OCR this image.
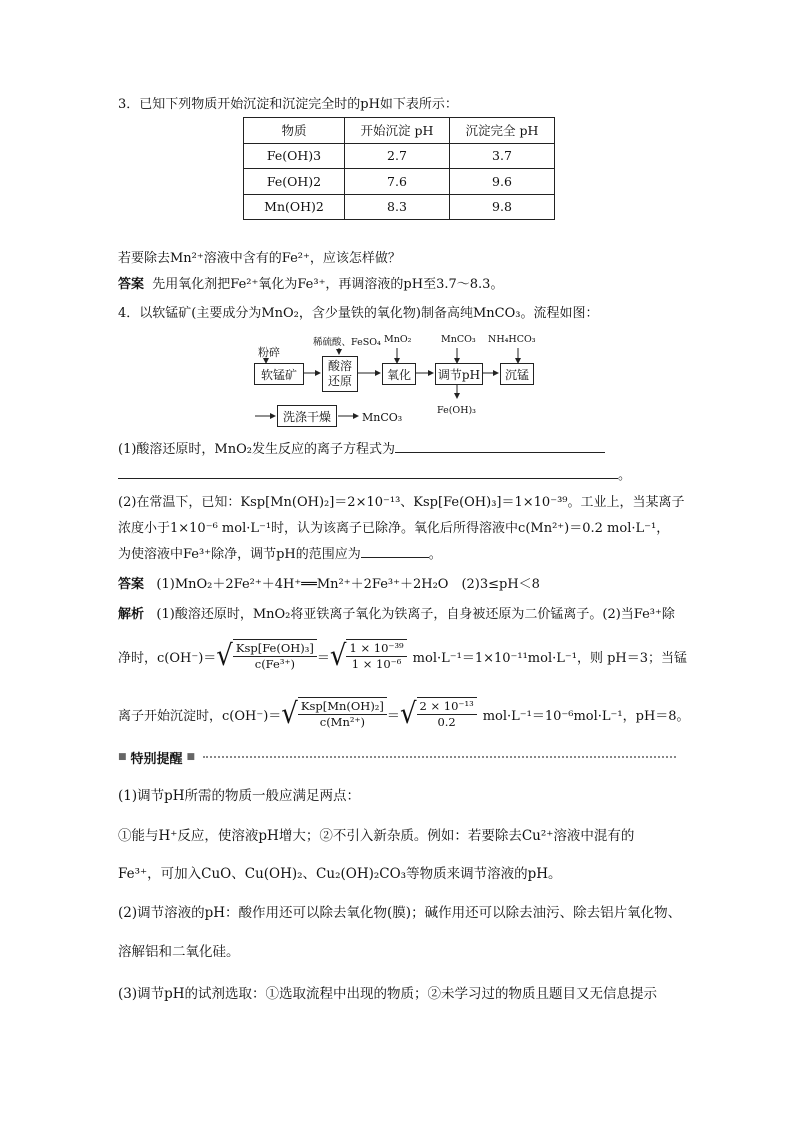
3．已知下列物质开始沉淀和沉淀完全时的pH如下表所示：
物质	开始沉淀 pH	沉淀完全 pH
Fe(OH)3	2.7	3.7
Fe(OH)2	7.6	9.6
Mn(OH)2	8.3	9.8
若要除去Mn²⁺溶液中含有的Fe²⁺，应该怎样做？
答案 先用氧化剂把Fe²⁺氧化为Fe³⁺，再调溶液的pH至3.7～8.3。
4．以软锰矿(主要成分为MnO₂，含少量铁的氧化物)制备高纯MnCO₃。流程如图：
软锰矿
酸溶
还原	氧化	调节pH	沉锰
洗涤干燥
粉碎
稀硫酸、FeSO₄ MnO₂	MnCO₃ NH₄HCO₃
Fe(OH)₃
MnCO₃
(1)酸溶还原时，MnO₂发生反应的离子方程式为
。
(2)在常温下，已知：Ksp[Mn(OH)₂]＝2×10⁻¹³、Ksp[Fe(OH)₃]＝1×10⁻³⁹。工业上，当某离子
浓度小于1×10⁻⁶ mol·L⁻¹时，认为该离子已除净。氧化后所得溶液中c(Mn²⁺)＝0.2 mol·L⁻¹，
为使溶液中Fe³⁺除净，调节pH的范围应为	。
答案 (1)MnO₂＋2Fe²⁺＋4H⁺══Mn²⁺＋2Fe³⁺＋2H₂O　(2)3≤pH＜8
解析 (1)酸溶还原时，MnO₂将亚铁离子氧化为铁离子，自身被还原为二价锰离子。(2)当Fe³⁺除
净时，c(OH⁻)＝ √ $\frac{\text{Ksp[Fe(OH)₃]}}{\text{c(Fe³⁺)}}$ ＝ √ $\frac{\text{1 × 10⁻³⁹}}{\text{1 × 10⁻⁶}} mol\cdot L^{-1}=1\times 10^{-11}mol\cdot L^{-1}$，则 pH＝3；当锰
离子开始沉淀时，c(OH⁻)＝ √ $\frac{\text{Ksp[Mn(OH)₂]}}{\text{c(Mn²⁺)}}$ ＝ √ $\frac{\text{2 × 10⁻¹³}}{0.2} mol\cdot L^{-1}=10^{-6}mol\cdot L^{-1}$，pH＝8。
■ 特别提醒 ■
(1)调节pH所需的物质一般应满足两点：
①能与H⁺反应，使溶液pH增大；②不引入新杂质。例如：若要除去Cu²⁺溶液中混有的
Fe³⁺，可加入CuO、Cu(OH)₂、Cu₂(OH)₂CO₃等物质来调节溶液的pH。
(2)调节溶液的pH：酸作用还可以除去氧化物(膜)；碱作用还可以除去油污、除去铝片氧化物、
溶解铝和二氧化硅。
(3)调节pH的试剂选取：①选取流程中出现的物质；②未学习过的物质且题目又无信息提示
